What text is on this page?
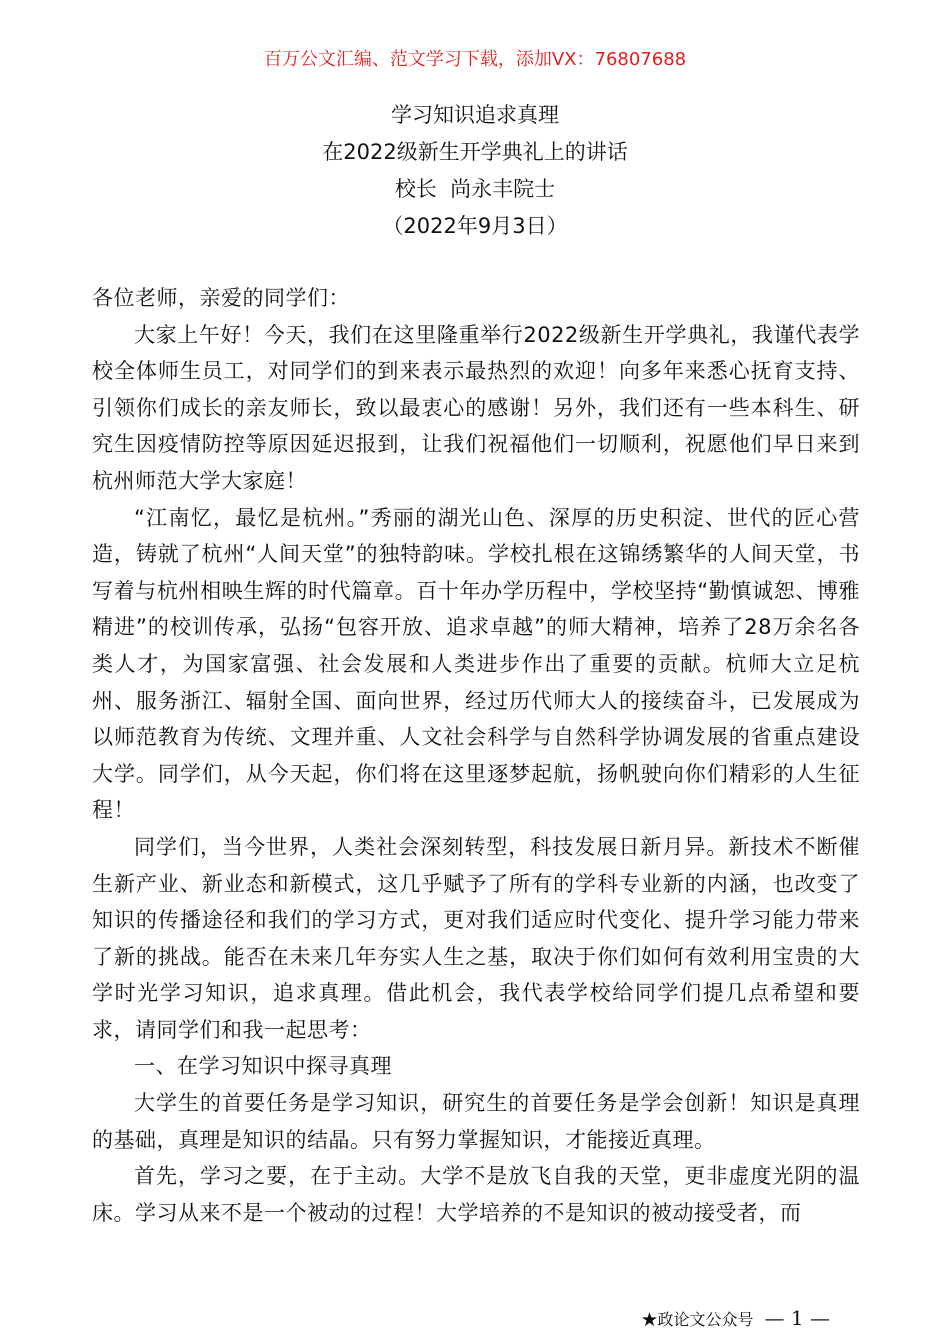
百万公文汇编、范文学习下载，添加VX：76807688
学习知识追求真理
在2022级新生开学典礼上的讲话
校长  尚永丰院士
（2022年9月3日）

各位老师，亲爱的同学们：

大家上午好！今天，我们在这里隆重举行2022级新生开学典礼，我谨代表学校全体师生员工，对同学们的到来表示最热烈的欢迎！向多年来悉心抚育支持、引领你们成长的亲友师长，致以最衷心的感谢！另外，我们还有一些本科生、研究生因疫情防控等原因延迟报到，让我们祝福他们一切顺利，祝愿他们早日来到杭州师范大学大家庭！

“江南忆，最忆是杭州。”秀丽的湖光山色、深厚的历史积淀、世代的匠心营造，铸就了杭州“人间天堂”的独特韵味。学校扎根在这锦绣繁华的人间天堂，书写着与杭州相映生辉的时代篇章。百十年办学历程中，学校坚持“勤慎诚恕、博雅精进”的校训传承，弘扬“包容开放、追求卓越”的师大精神，培养了28万余名各类人才，为国家富强、社会发展和人类进步作出了重要的贡献。杭师大立足杭州、服务浙江、辐射全国、面向世界，经过历代师大人的接续奋斗，已发展成为以师范教育为传统、文理并重、人文社会科学与自然科学协调发展的省重点建设大学。同学们，从今天起，你们将在这里逐梦起航，扬帆驶向你们精彩的人生征程！

同学们，当今世界，人类社会深刻转型，科技发展日新月异。新技术不断催生新产业、新业态和新模式，这几乎赋予了所有的学科专业新的内涵，也改变了知识的传播途径和我们的学习方式，更对我们适应时代变化、提升学习能力带来了新的挑战。能否在未来几年夯实人生之基，取决于你们如何有效利用宝贵的大学时光学习知识，追求真理。借此机会，我代表学校给同学们提几点希望和要求，请同学们和我一起思考：

一、在学习知识中探寻真理

大学生的首要任务是学习知识，研究生的首要任务是学会创新！知识是真理的基础，真理是知识的结晶。只有努力掌握知识，才能接近真理。

首先，学习之要，在于主动。大学不是放飞自我的天堂，更非虚度光阴的温床。学习从来不是一个被动的过程！大学培养的不是知识的被动接受者，而

★政论文公众号 — 1 —
